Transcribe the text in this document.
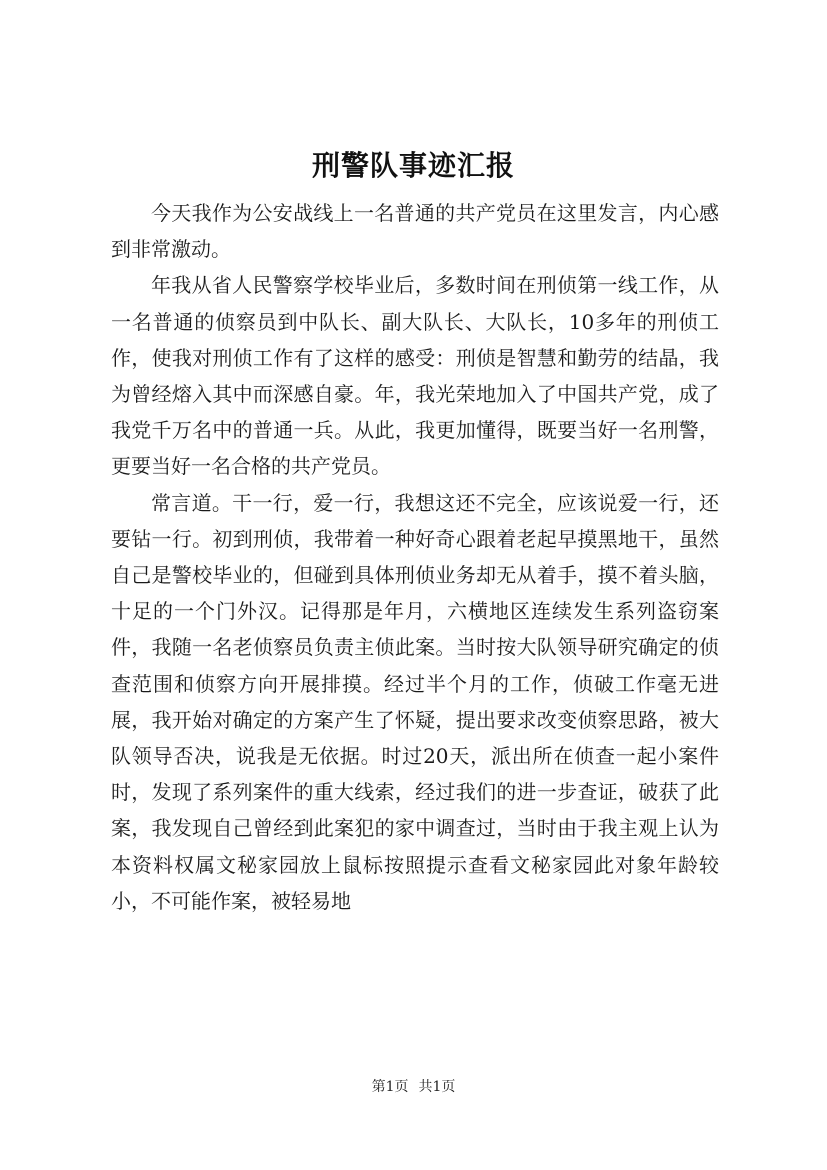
刑警队事迹汇报

今天我作为公安战线上一名普通的共产党员在这里发言，内心感到非常激动。

年我从省人民警察学校毕业后，多数时间在刑侦第一线工作，从一名普通的侦察员到中队长、副大队长、大队长，10多年的刑侦工作，使我对刑侦工作有了这样的感受：刑侦是智慧和勤劳的结晶，我为曾经熔入其中而深感自豪。年，我光荣地加入了中国共产党，成了我党千万名中的普通一兵。从此，我更加懂得，既要当好一名刑警，更要当好一名合格的共产党员。

常言道。干一行，爱一行，我想这还不完全，应该说爱一行，还要钻一行。初到刑侦，我带着一种好奇心跟着老起早摸黑地干，虽然自己是警校毕业的，但碰到具体刑侦业务却无从着手，摸不着头脑，十足的一个门外汉。记得那是年月，六横地区连续发生系列盗窃案件，我随一名老侦察员负责主侦此案。当时按大队领导研究确定的侦查范围和侦察方向开展排摸。经过半个月的工作，侦破工作毫无进展，我开始对确定的方案产生了怀疑，提出要求改变侦察思路，被大队领导否决，说我是无依据。时过20天，派出所在侦查一起小案件时，发现了系列案件的重大线索，经过我们的进一步查证，破获了此案，我发现自己曾经到此案犯的家中调查过，当时由于我主观上认为本资料权属文秘家园放上鼠标按照提示查看文秘家园此对象年龄较小，不可能作案，被轻易地

第1页 共1页
